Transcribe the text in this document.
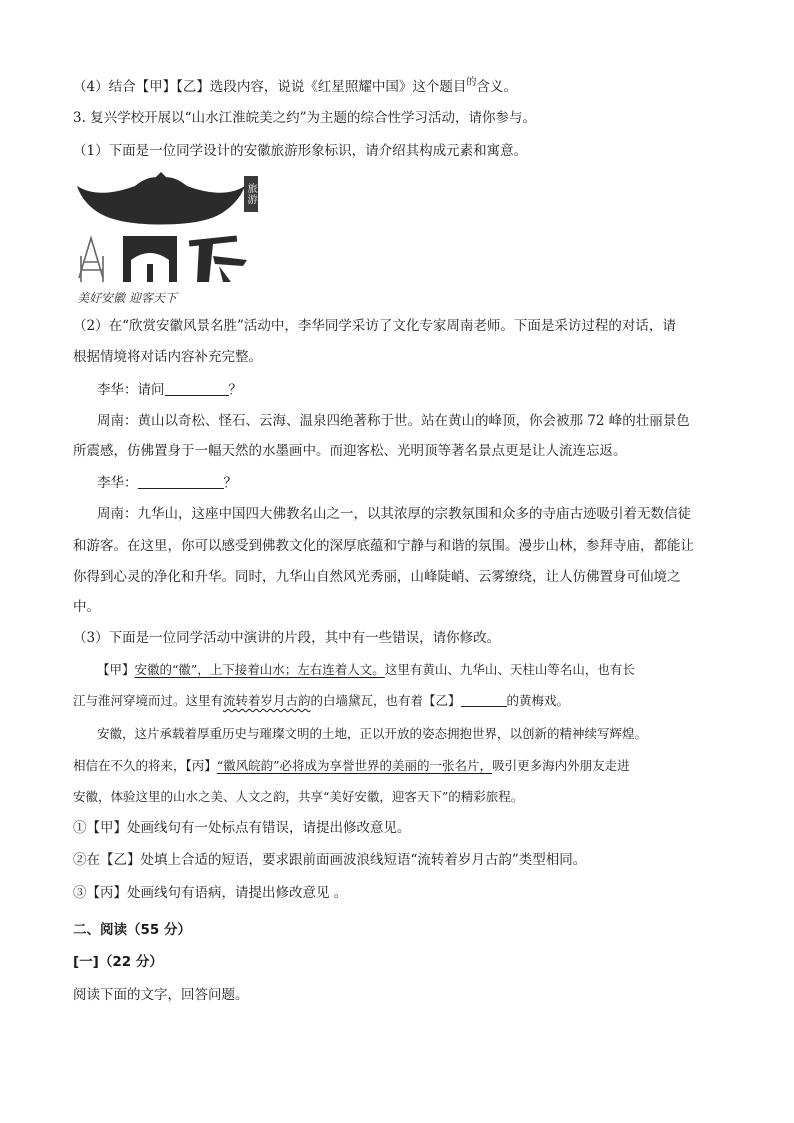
（4）结合【甲】【乙】选段内容，说说《红星照耀中国》这个题目$^的$含义。
3. 复兴学校开展以“山水江淮皖美之约”为主题的综合性学习活动，请你参与。
（1）下面是一位同学设计的安徽旅游形象标识，请介绍其构成元素和寓意。
美好安徽 迎客天下
旅游
（2）在“欣赏安徽风景名胜”活动中，李华同学采访了文化专家周南老师。下面是采访过程的对话，请
根据情境将对话内容补充完整。
李华：请问	？
周南：黄山以奇松、怪石、云海、温泉四绝著称于世。站在黄山的峰顶，你会被那 72 峰的壮丽景色
所震感，仿佛置身于一幅天然的水墨画中。而迎客松、光明顶等著名景点更是让人流连忘返。
李华：	？
周南：九华山，这座中国四大佛教名山之一，以其浓厚的宗教氛围和众多的寺庙古迹吸引着无数信徒
和游客。在这里，你可以感受到佛教文化的深厚底蕴和宁静与和谐的氛围。漫步山林，参拜寺庙，都能让
你得到心灵的净化和升华。同时，九华山自然风光秀丽，山峰陡峭、云雾缭绕，让人仿佛置身可仙境之
中。
（3）下面是一位同学活动中演讲的片段，其中有一些错误，请你修改。
【甲】安徽的“徽”，上下接着山水；左右连着人文。这里有黄山、九华山、天柱山等名山，也有长
江与淮河穿境而过。这里有流转着岁月古韵的白墙黛瓦，也有着【乙】	的黄梅戏。
安徽，这片承载着厚重历史与璀璨文明的土地，正以开放的姿态拥抱世界，以创新的精神续写辉煌。
相信在不久的将来，【丙】“徽风皖韵”必将成为享誉世界的美丽的一张名片，吸引更多海内外朋友走进
安徽，体验这里的山水之美、人文之韵，共享“美好安徽，迎客天下”的精彩旅程。
①【甲】处画线句有一处标点有错误，请提出修改意见。
②在【乙】处填上合适的短语，要求跟前面画波浪线短语“流转着岁月古韵”类型相同。
③【丙】处画线句有语病，请提出修改意见 。
二、阅读（55 分）
[一]（22 分）
阅读下面的文字，回答问题。
